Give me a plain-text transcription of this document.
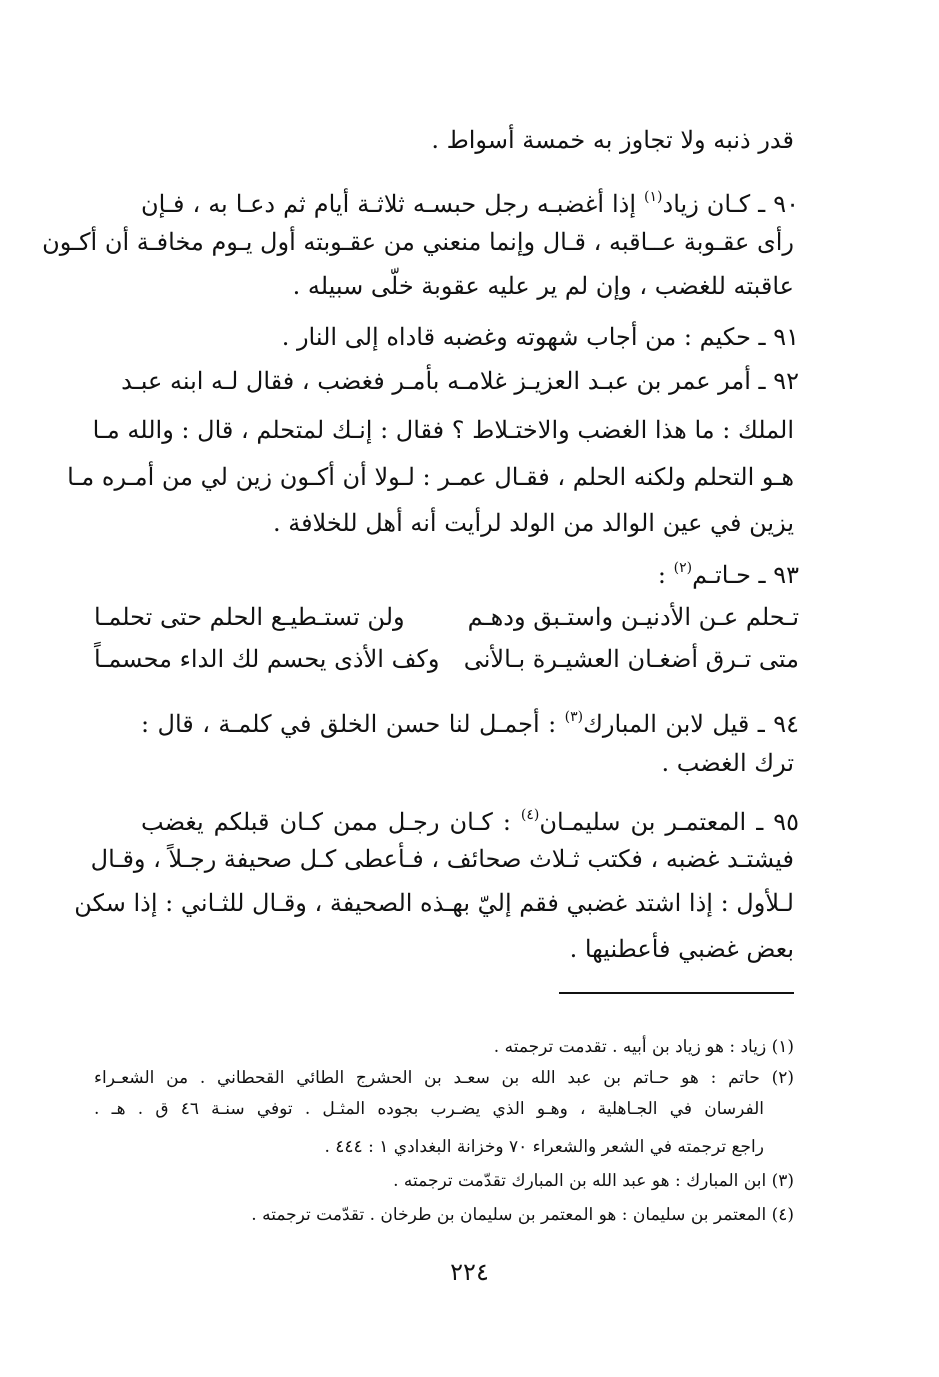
قدر ذنبه ولا تجاوز به خمسة أسواط .
٩٠ ـ كـان زياد$^{(١)}$ إذا أغضبـه رجل حبسـه ثلاثـة أيام ثم دعـا به ، فـإن
رأى عقـوبة عــاقبه ، قـال وإنما منعني من عقـوبته أول يـوم مخافـة أن أكـون
عاقبته للغضب ، وإن لم ير عليه عقوبة خلّى سبيله .
٩١ ـ حكيم : من أجاب شهوته وغضبه قاداه إلى النار .
٩٢ ـ أمر عمر بن عبـد العزيـز غلامـه بأمـر فغضب ، فقال لـه ابنه عبـد
الملك : ما هذا الغضب والاختـلاط ؟ فقال : إنـك لمتحلم ، قال : والله مـا
هـو التحلم ولكنه الحلم ، فقـال عمـر : لـولا أن أكـون زين لي من أمـره مـا
يزين في عين الوالد من الولد لرأيت أنه أهل للخلافة .
٩٣ ـ حـاتـم$^{(٢)}$ :
تـحلم عـن الأدنيـن واستـبق ودهـم
ولن تستـطيـع الحلم حتى تحلمـا
متى تـرق أضغـان العشيـرة بـالأنى
وكف الأذى يحسم لك الداء محسمـاً
٩٤ ـ قيل لابن المبارك$^{(٣)}$ : أجمـل لنا حسن الخلق في كلمـة ، قال :
ترك الغضب .
٩٥ ـ المعتمـر بن سليمـان$^{(٤)}$ : كـان رجـل ممن كـان قبلكم يغضب
فيشتـد غضبه ، فكتب ثـلاث صحائف ، فـأعطى كـل صحيفة رجـلاً ، وقـال
لـلأول : إذا اشتد غضبي فقم إليّ بهـذه الصحيفة ، وقـال للثـاني : إذا سكن
بعض غضبي فأعطنيها .
(١) زياد : هو زياد بن أبيه . تقدمت ترجمته .
(٢) حاتم : هو حـاتم بن عبد الله بن سعـد بن الحشرج الطائي القحطاني . من الشعـراء
الفرسان في الجـاهلية ، وهـو الذي يضـرب بجوده المثـل . توفي سنـة ٤٦ ق . هـ .
راجع ترجمته في الشعر والشعراء ٧٠ وخزانة البغدادي ١ : ٤٤٤ .
(٣) ابن المبارك : هو عبد الله بن المبارك تقدّمت ترجمته .
(٤) المعتمر بن سليمان : هو المعتمر بن سليمان بن طرخان . تقدّمت ترجمته .
٢٢٤
